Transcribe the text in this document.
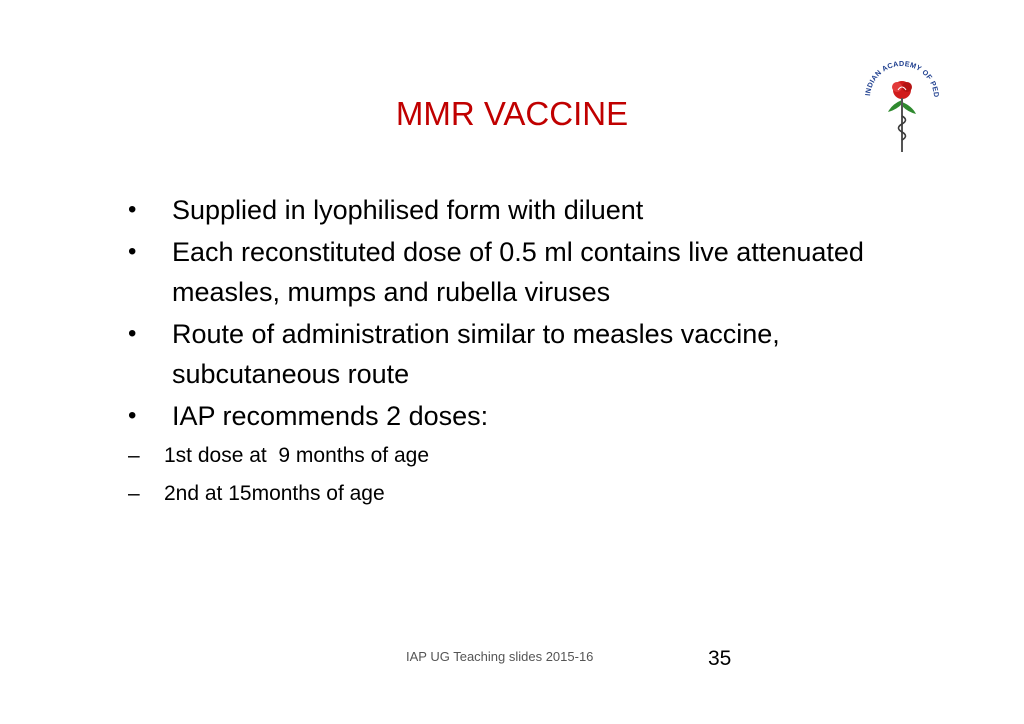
MMR VACCINE
INDIAN ACADEMY OF PED
• Supplied in lyophilised form with diluent
• Each reconstituted dose of 0.5 ml contains live attenuated  measles, mumps and rubella viruses
• Route of administration similar to measles vaccine, subcutaneous route
• IAP recommends 2 doses:
– 1st dose at  9 months of age
– 2nd at 15months of age
IAP UG Teaching slides 2015-16	35
